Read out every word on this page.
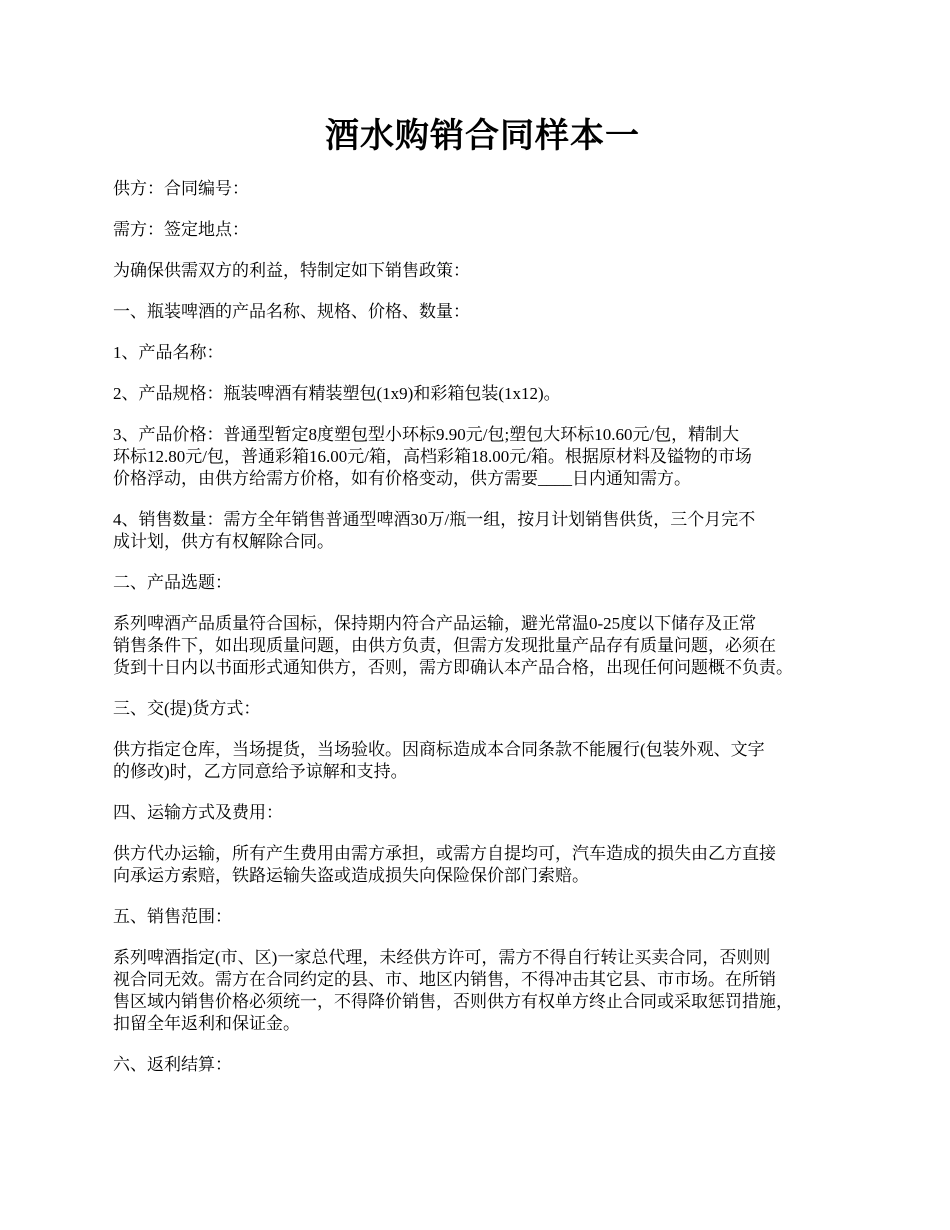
酒水购销合同样本一

供方：合同编号：

需方：签定地点：

为确保供需双方的利益，特制定如下销售政策：

一、瓶装啤酒的产品名称、规格、价格、数量：

1、产品名称：

2、产品规格：瓶装啤酒有精装塑包(1x9)和彩箱包装(1x12)。

3、产品价格：普通型暂定8度塑包型小环标9.90元/包;塑包大环标10.60元/包，精制大
环标12.80元/包，普通彩箱16.00元/箱，高档彩箱18.00元/箱。根据原材料及镒物的市场
价格浮动，由供方给需方价格，如有价格变动，供方需要____日内通知需方。

4、销售数量：需方全年销售普通型啤酒30万/瓶一组，按月计划销售供货，三个月完不
成计划，供方有权解除合同。

二、产品选题：

系列啤酒产品质量符合国标，保持期内符合产品运输，避光常温0-25度以下储存及正常
销售条件下，如出现质量问题，由供方负责，但需方发现批量产品存有质量问题，必须在
货到十日内以书面形式通知供方，否则，需方即确认本产品合格，出现任何问题概不负责。

三、交(提)货方式：

供方指定仓库，当场提货，当场验收。因商标造成本合同条款不能履行(包装外观、文字
的修改)时，乙方同意给予谅解和支持。

四、运输方式及费用：

供方代办运输，所有产生费用由需方承担，或需方自提均可，汽车造成的损失由乙方直接
向承运方索赔，铁路运输失盗或造成损失向保险保价部门索赔。

五、销售范围：

系列啤酒指定(市、区)一家总代理，未经供方许可，需方不得自行转让买卖合同，否则则
视合同无效。需方在合同约定的县、市、地区内销售，不得冲击其它县、市市场。在所销
售区域内销售价格必须统一，不得降价销售，否则供方有权单方终止合同或采取惩罚措施，
扣留全年返利和保证金。

六、返利结算：
